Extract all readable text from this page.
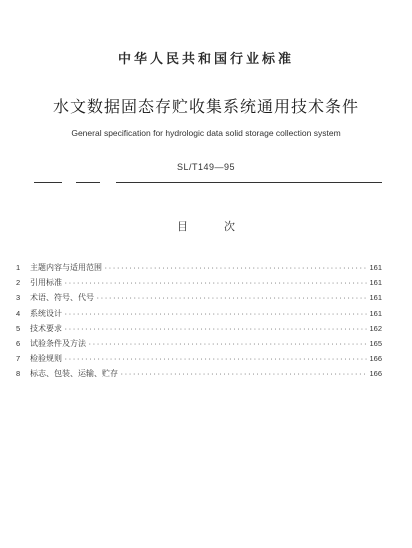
中华人民共和国行业标准
水文数据固态存贮收集系统通用技术条件
General specification for hydrologic data solid storage collection system
SL/T149—95
目	次
1	主题内容与适用范围 ·····	161
2	引用标准 ·····	161
3	术语、符号、代号 ·····	161
4	系统设计 ·····	161
5	技术要求 ·····	162
6	试验条件及方法 ·····	165
7	检验规则 ·····	166
8	标志、包装、运输、贮存 ·····	166
